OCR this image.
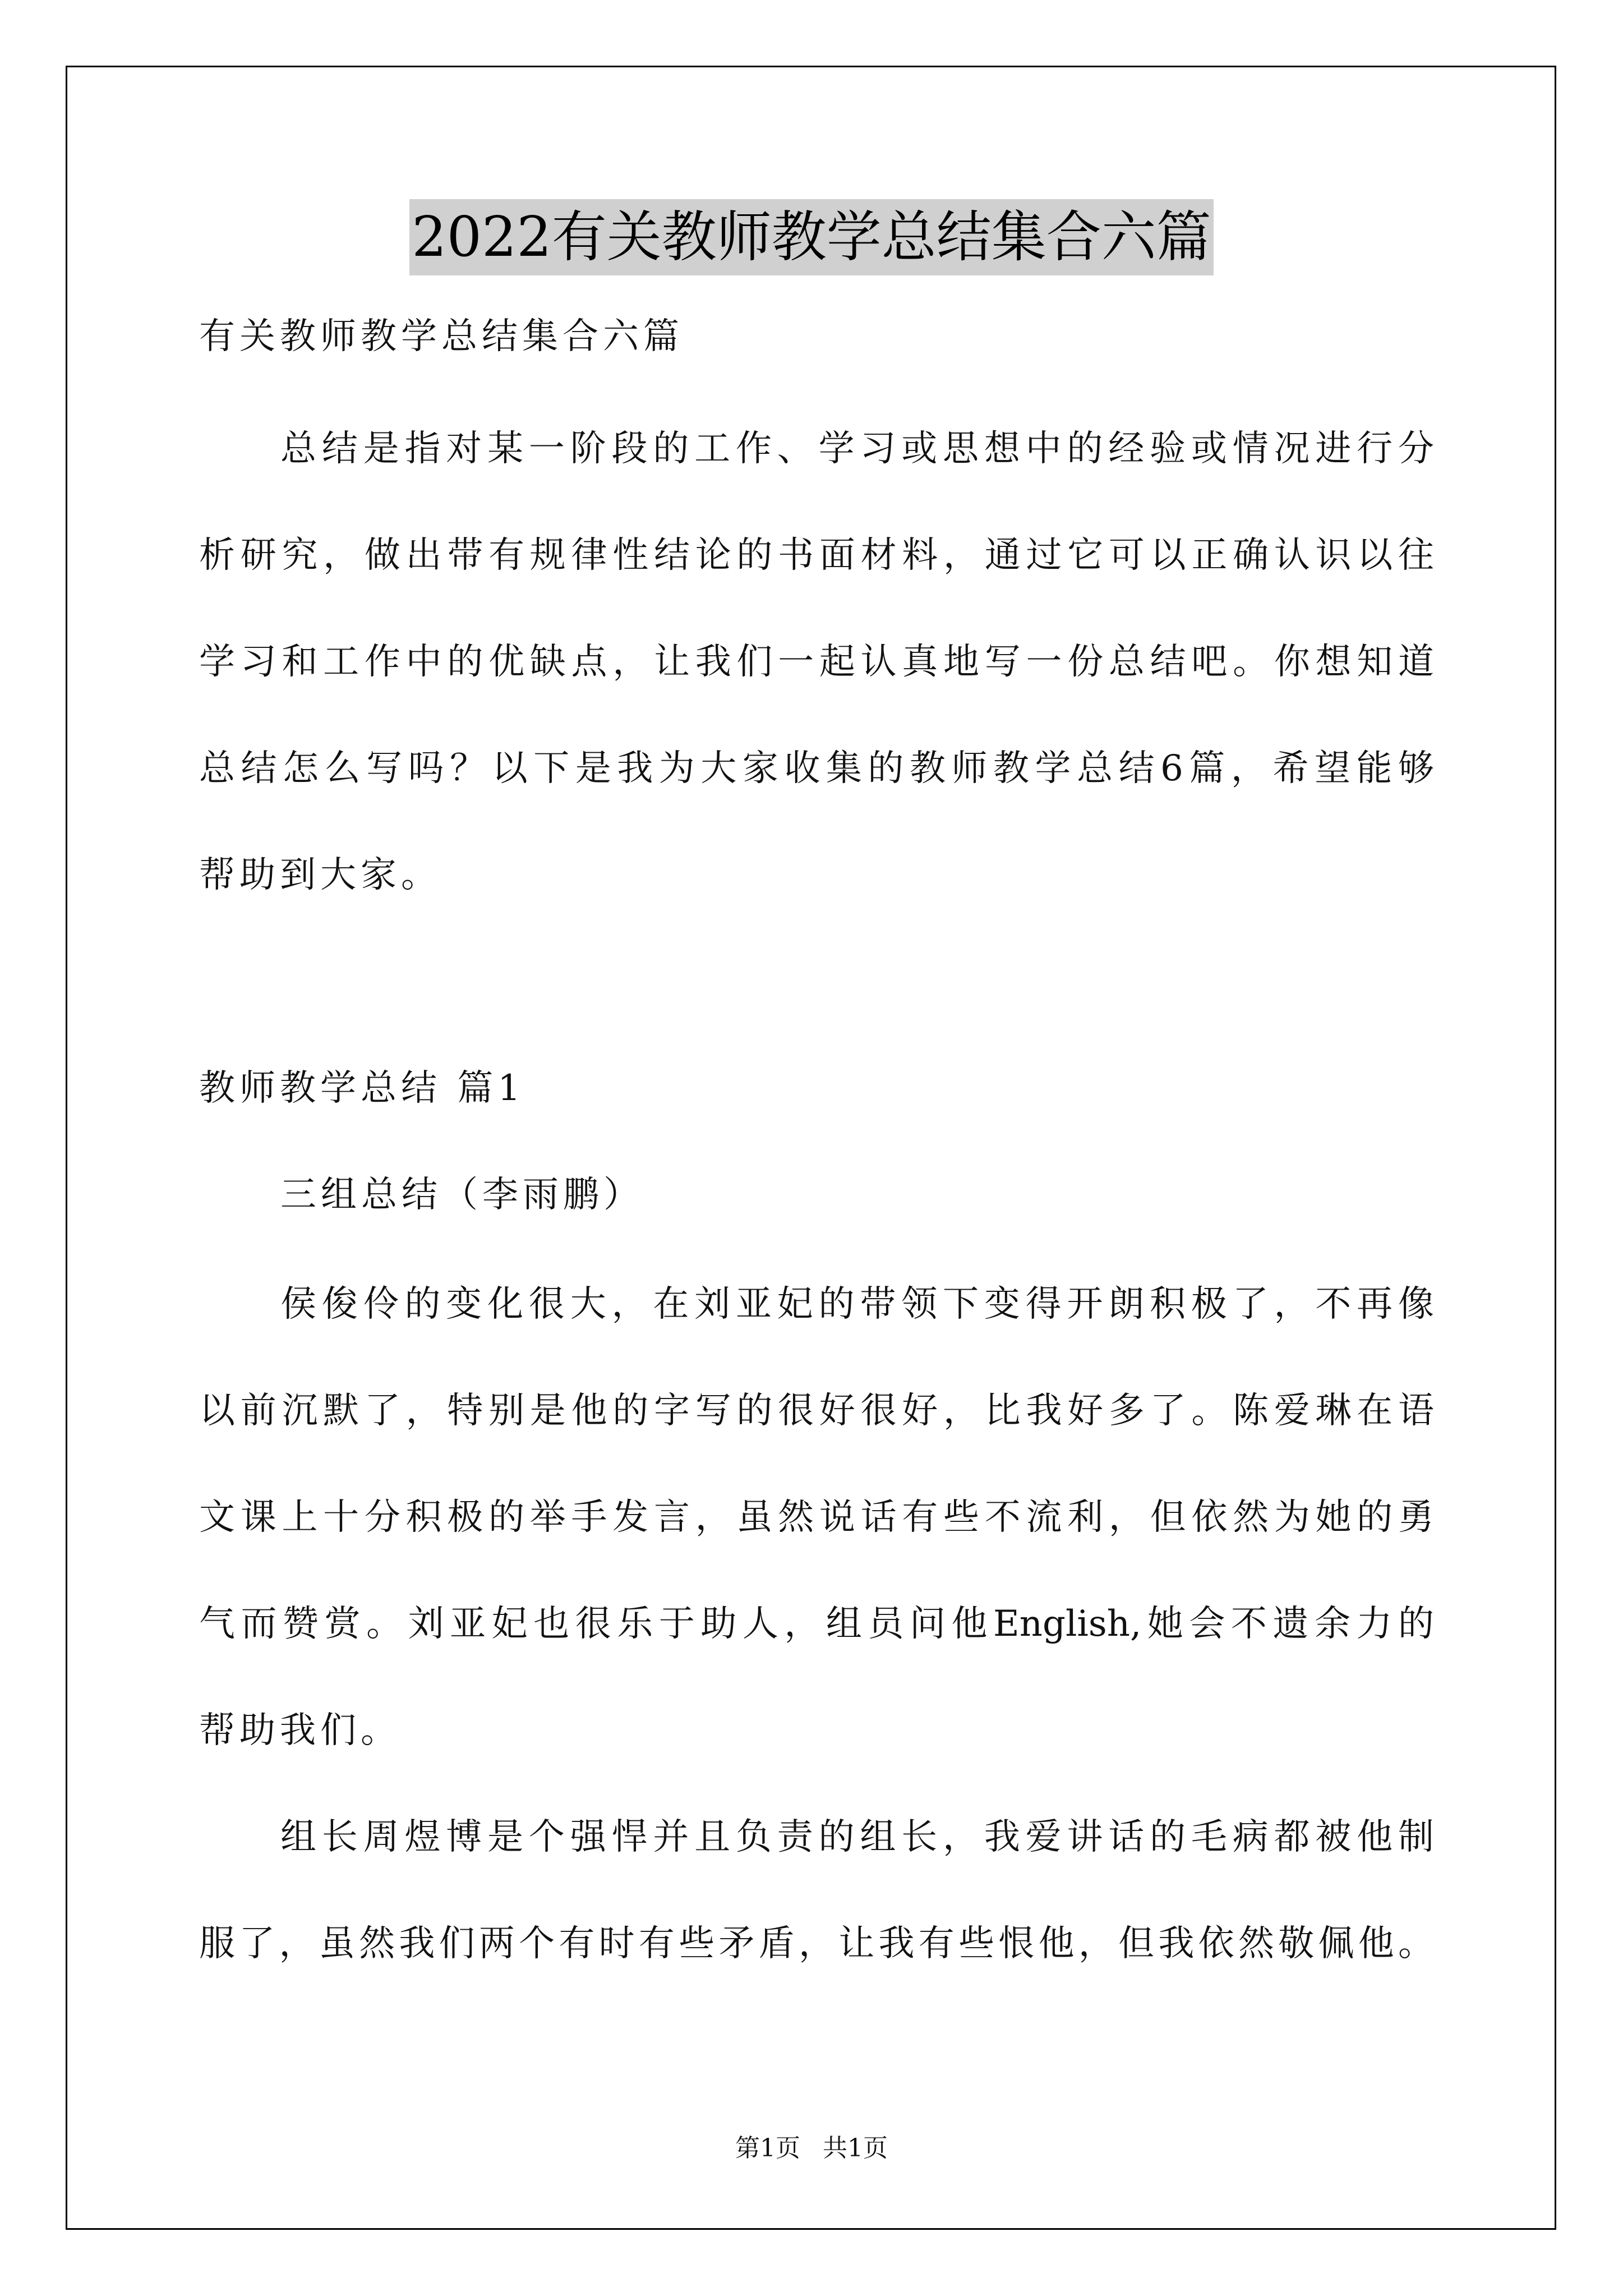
2022有关教师教学总结集合六篇
有关教师教学总结集合六篇
总结是指对某一阶段的工作、学习或思想中的经验或情况进行分
析研究，做出带有规律性结论的书面材料，通过它可以正确认识以往
学习和工作中的优缺点，让我们一起认真地写一份总结吧。你想知道
总结怎么写吗？以下是我为大家收集的教师教学总结6篇，希望能够
帮助到大家。
教师教学总结 篇1
三组总结（李雨鹏）
侯俊伶的变化很大，在刘亚妃的带领下变得开朗积极了，不再像
以前沉默了，特别是他的字写的很好很好，比我好多了。陈爱琳在语
文课上十分积极的举手发言，虽然说话有些不流利，但依然为她的勇
气而赞赏。刘亚妃也很乐于助人，组员问他English,她会不遗余力的
帮助我们。
组长周煜博是个强悍并且负责的组长，我爱讲话的毛病都被他制
服了，虽然我们两个有时有些矛盾，让我有些恨他，但我依然敬佩他。
第1页 共1页
